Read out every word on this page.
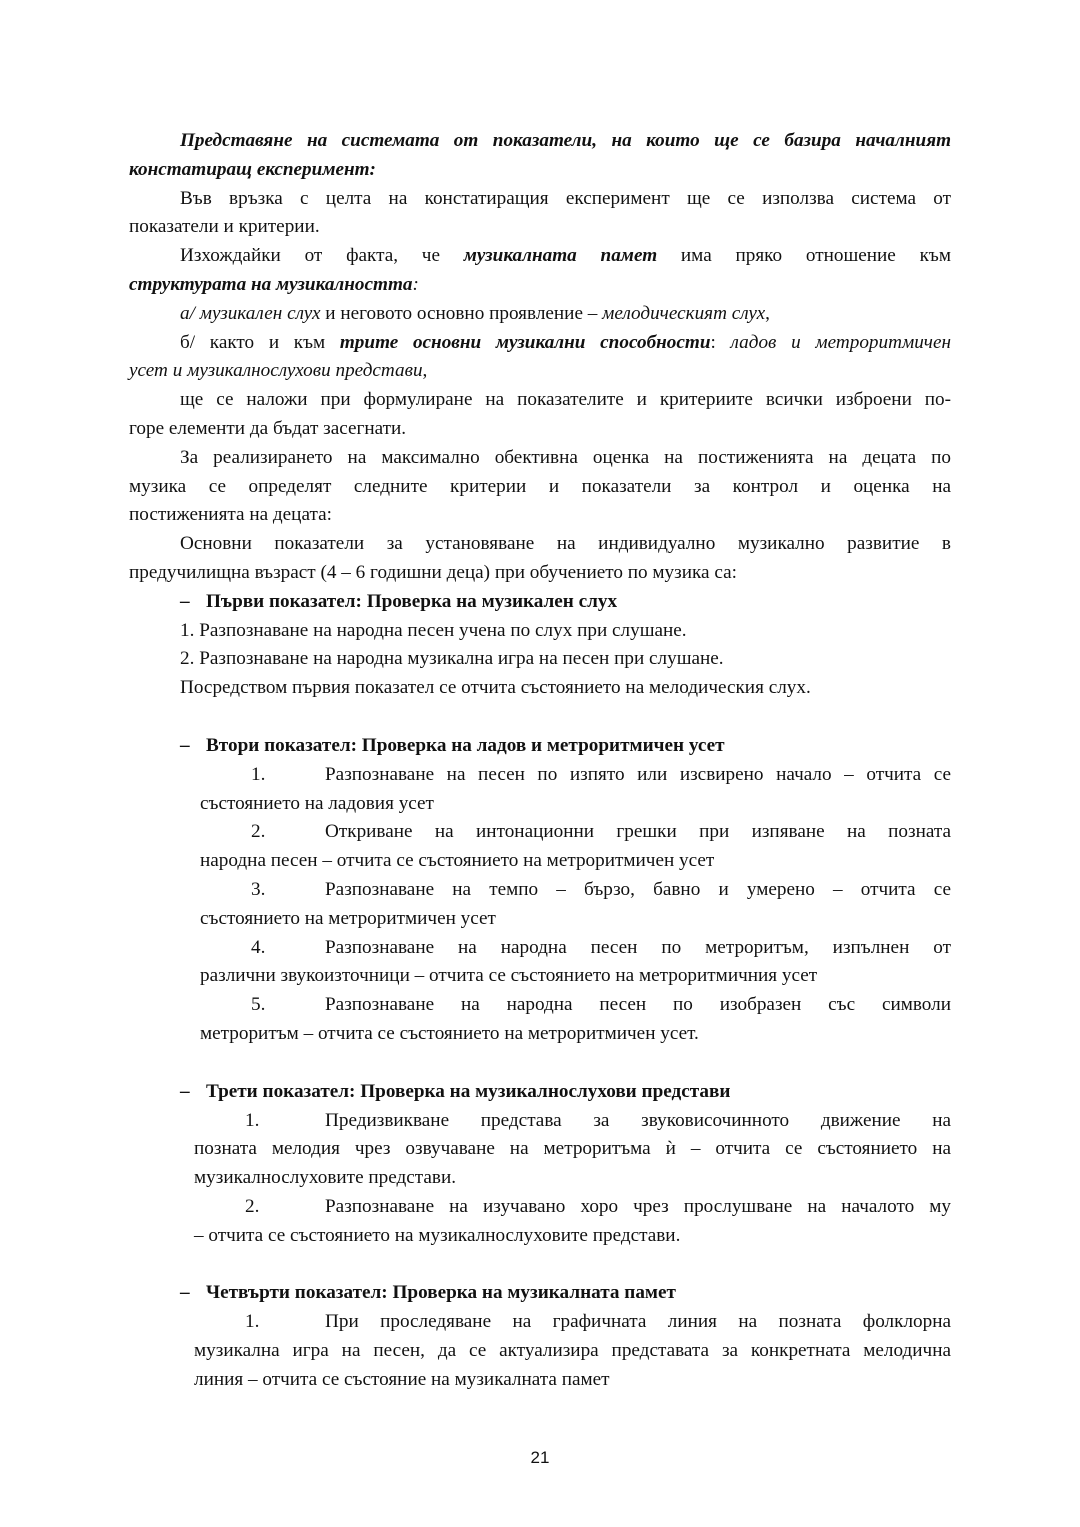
Представяне на системата от показатели, на които ще се базира началният

констатиращ експеримент:

Във връзка с целта на констатиращия експеримент ще се използва система от

показатели и критерии.

Изхождайки от факта, че музикалната памет има пряко отношение към

структурата на музикалността:

а/ музикален слух и неговото основно проявление – мелодическият слух,

б/ както и към трите основни музикални способности: ладов и метроритмичен

усет и музикалнослухови представи,

ще се наложи при формулиране на показателите и критериите всички изброени по-

горе елементи да бъдат засегнати.

За реализирането на максимално обективна оценка на постиженията на децата по

музика се определят следните критерии и показатели за контрол и оценка на

постиженията на децата:

Основни показатели за установяване на индивидуално музикално развитие в

предучилищна възраст (4 – 6 годишни деца) при обучението по музика са:

– Първи показател: Проверка на музикален слух

1. Разпознаване на народна песен учена по слух при слушане.

2. Разпознаване на народна музикална игра на песен при слушане.

Посредством първия показател се отчита състоянието на мелодическия слух.

– Втори показател: Проверка на ладов и метроритмичен усет

1.	Разпознаване на песен по изпято или изсвирено начало – отчита се

състоянието на ладовия усет

2.	Откриване на интонационни грешки при изпяване на позната

народна песен – отчита се състоянието на метроритмичен усет

3.	Разпознаване на темпо – бързо, бавно и умерено – отчита се

състоянието на метроритмичен усет

4.	Разпознаване на народна песен по метроритъм, изпълнен от

различни звукоизточници – отчита се състоянието на метроритмичния усет

5.	Разпознаване на народна песен по изобразен със символи

метроритъм – отчита се състоянието на метроритмичен усет.

– Трети показател: Проверка на музикалнослухови представи

1.	Предизвикване представа за звуковисочинното движение на

позната мелодия чрез озвучаване на метроритъма ѝ – отчита се състоянието на

музикалнослуховите представи.

2.	Разпознаване на изучавано хоро чрез прослушване на началото му

– отчита се състоянието на музикалнослуховите представи.

– Четвърти показател: Проверка на музикалната памет

1.	При проследяване на графичната линия на позната фолклорна

музикална игра на песен, да се актуализира представата за конкретната мелодична

линия – отчита се състояние на музикалната памет

21
